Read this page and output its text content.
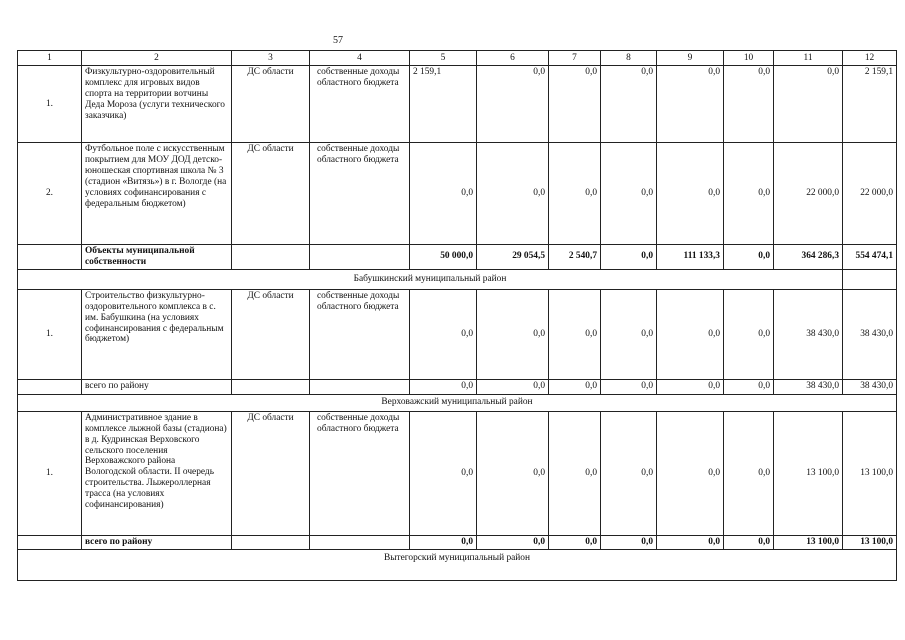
57
1	2	3	4	5	6	7	8	9	10	11	12
1.	Физкультурно-оздоровительный комплекс для игровых видов спорта на территории вотчины Деда Мороза (услуги технического заказчика)	ДС области	собственные доходы областного бюджета	2 159,1	0,0	0,0	0,0	0,0	0,0	0,0	2 159,1
2.	Футбольное поле с искусственным покрытием для МОУ ДОД детско-юношеская спортивная школа № 3 (стадион «Витязь») в г. Вологде (на условиях софинансирования с федеральным бюджетом)	ДС области	собственные доходы областного бюджета	0,0	0,0	0,0	0,0	0,0	0,0	22 000,0	22 000,0
	Объекты муниципальной собственности			50 000,0	29 054,5	2 540,7	0,0	111 133,3	0,0	364 286,3	554 474,1
Бабушкинский муниципальный район											
1.	Строительство физкультурно-оздоровительного комплекса в с. им. Бабушкина (на условиях софинансирования с федеральным бюджетом)	ДС области	собственные доходы областного бюджета	0,0	0,0	0,0	0,0	0,0	0,0	38 430,0	38 430,0
	всего по району			0,0	0,0	0,0	0,0	0,0	0,0	38 430,0	38 430,0
Верховажский муниципальный район											
1.	Административное здание в комплексе лыжной базы (стадиона) в д. Кудринская Верховского сельского поселения Верховажского района Вологодской области. II очередь строительства. Лыжероллерная трасса (на условиях софинансирования)	ДС области	собственные доходы областного бюджета	0,0	0,0	0,0	0,0	0,0	0,0	13 100,0	13 100,0
	всего по району			0,0	0,0	0,0	0,0	0,0	0,0	13 100,0	13 100,0
Вытегорский муниципальный район											
